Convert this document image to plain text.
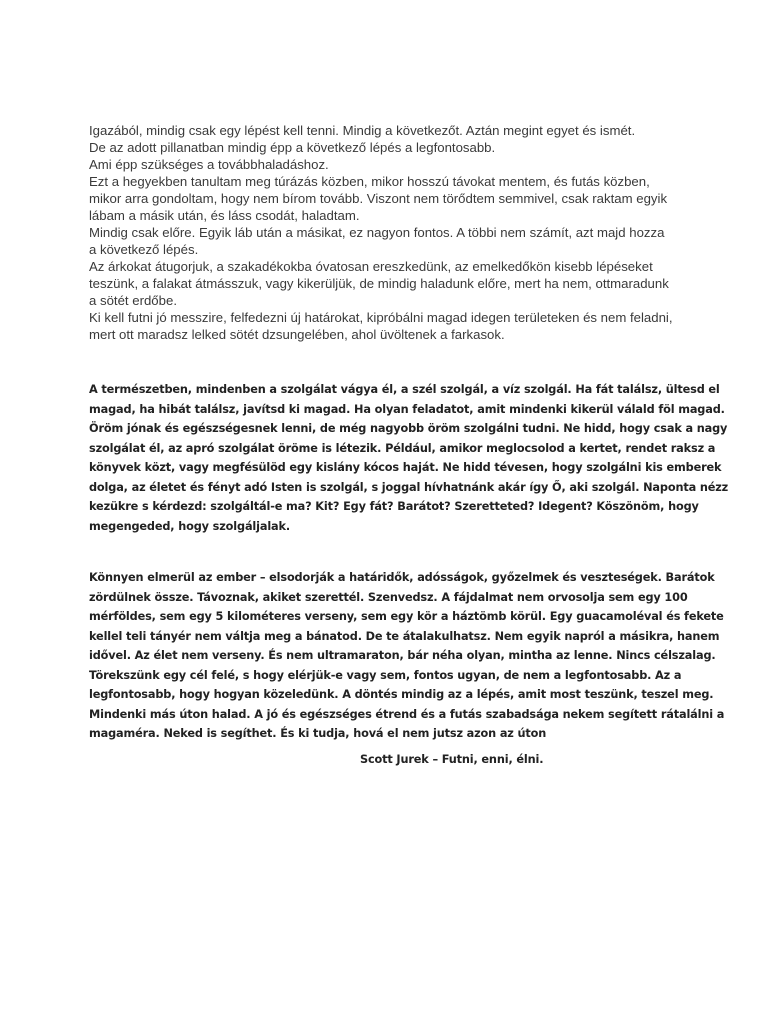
Igazából, mindig csak egy lépést kell tenni. Mindig a következőt. Aztán megint egyet és ismét.
De az adott pillanatban mindig épp a következő lépés a legfontosabb.
Ami épp szükséges a továbbhaladáshoz.
Ezt a hegyekben tanultam meg túrázás közben, mikor hosszú távokat mentem, és futás közben,
mikor arra gondoltam, hogy nem bírom tovább. Viszont nem törődtem semmivel, csak raktam egyik
lábam a másik után, és láss csodát, haladtam.
Mindig csak előre. Egyik láb után a másikat, ez nagyon fontos. A többi nem számít, azt majd hozza
a következő lépés.
Az árkokat átugorjuk, a szakadékokba óvatosan ereszkedünk, az emelkedőkön kisebb lépéseket
teszünk, a falakat átmásszuk, vagy kikerüljük, de mindig haladunk előre, mert ha nem, ottmaradunk
a sötét erdőbe.
Ki kell futni jó messzire, felfedezni új határokat, kipróbálni magad idegen területeken és nem feladni,
mert ott maradsz lelked sötét dzsungelében, ahol üvöltenek a farkasok.
A természetben, mindenben a szolgálat vágya él, a szél szolgál, a víz szolgál. Ha fát találsz, ültesd el
magad, ha hibát találsz, javítsd ki magad. Ha olyan feladatot, amit mindenki kikerül válald föl magad.
Öröm jónak és egészségesnek lenni, de még nagyobb öröm szolgálni tudni. Ne hidd, hogy csak a nagy
szolgálat él, az apró szolgálat öröme is létezik. Például, amikor meglocsolod a kertet, rendet raksz a
könyvek közt, vagy megfésülöd egy kislány kócos haját. Ne hidd tévesen, hogy szolgálni kis emberek
dolga, az életet és fényt adó Isten is szolgál, s joggal hívhatnánk akár így Ő, aki szolgál. Naponta nézz
kezükre s kérdezd: szolgáltál-e ma? Kit? Egy fát? Barátot? Szeretteted? Idegent? Köszönöm, hogy
megengeded, hogy szolgáljalak.
Könnyen elmerül az ember – elsodorják a határidők, adósságok, győzelmek és veszteségek. Barátok
zördülnek össze. Távoznak, akiket szerettél. Szenvedsz. A fájdalmat nem orvosolja sem egy 100
mérföldes, sem egy 5 kilométeres verseny, sem egy kör a háztömb körül. Egy guacamoléval és fekete
kellel teli tányér nem váltja meg a bánatod. De te átalakulhatsz. Nem egyik napról a másikra, hanem
idővel. Az élet nem verseny. És nem ultramaraton, bár néha olyan, mintha az lenne. Nincs célszalag.
Törekszünk egy cél felé, s hogy elérjük-e vagy sem, fontos ugyan, de nem a legfontosabb. Az a
legfontosabb, hogy hogyan közeledünk. A döntés mindig az a lépés, amit most teszünk, teszel meg.
Mindenki más úton halad. A jó és egészséges étrend és a futás szabadsága nekem segített rátalálni a
magaméra. Neked is segíthet. És ki tudja, hová el nem jutsz azon az úton
Scott Jurek – Futni, enni, élni.
